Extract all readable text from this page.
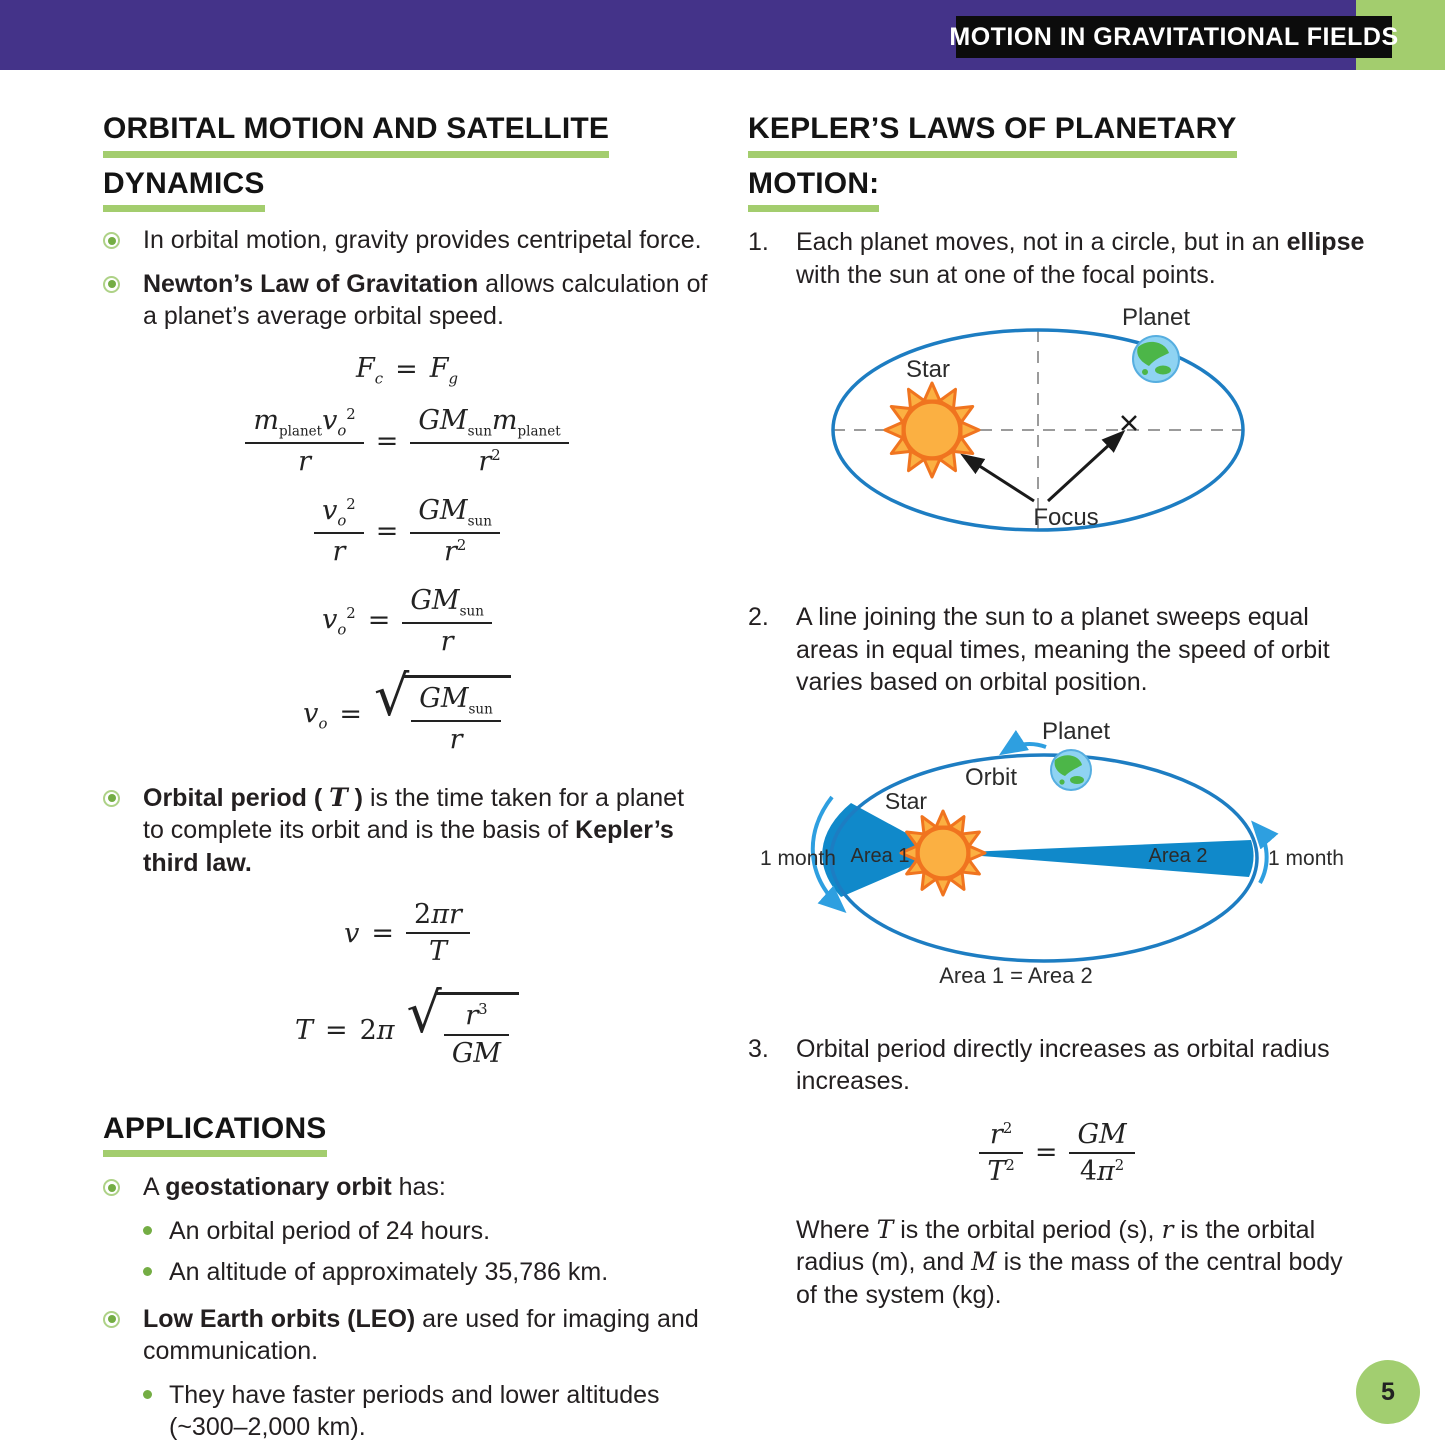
MOTION IN GRAVITATIONAL FIELDS
ORBITAL MOTION AND SATELLITE
DYNAMICS
In orbital motion, gravity provides centripetal force.
Newton’s Law of Gravitation allows calculation of a planet’s average orbital speed.
$F_c = F_g$
$\frac{m_{planet}v_o^2}{r} = \frac{GM_{sun}m_{planet}}{r^2}$
$\frac{v_o^2}{r} = \frac{GM_{sun}}{r^2}$
$v_o^2 = \frac{GM_{sun}}{r}$
$v_o$ = √ $\frac{GM_{sun}}{r}$
Orbital period ( T ) is the time taken for a planet to complete its orbit and is the basis of Kepler’s third law.
$v = \frac{2\pi r}{T}$
T = 2π √ $\frac{r^3}{GM}$
APPLICATIONS
A geostationary orbit has:
An orbital period of 24 hours.
An altitude of approximately 35,786 km.
Low Earth orbits (LEO) are used for imaging and communication.
They have faster periods and lower altitudes (~300–2,000 km).
KEPLER’S LAWS OF PLANETARY
MOTION:
1. Each planet moves, not in a circle, but in an ellipse with the sun at one of the focal points.
Planet
Star
Focus
2. A line joining the sun to a planet sweeps equal areas in equal times, meaning the speed of orbit varies based on orbital position.
Planet
Orbit
Star
Area 1	Area 2
1 month	1 month
Area 1 = Area 2
3. Orbital period directly increases as orbital radius increases.
$\frac{r^2}{T^2} = \frac{GM}{4\pi^2}$

Where T is the orbital period (s), r is the orbital radius (m), and M is the mass of the central body of the system (kg).

5
